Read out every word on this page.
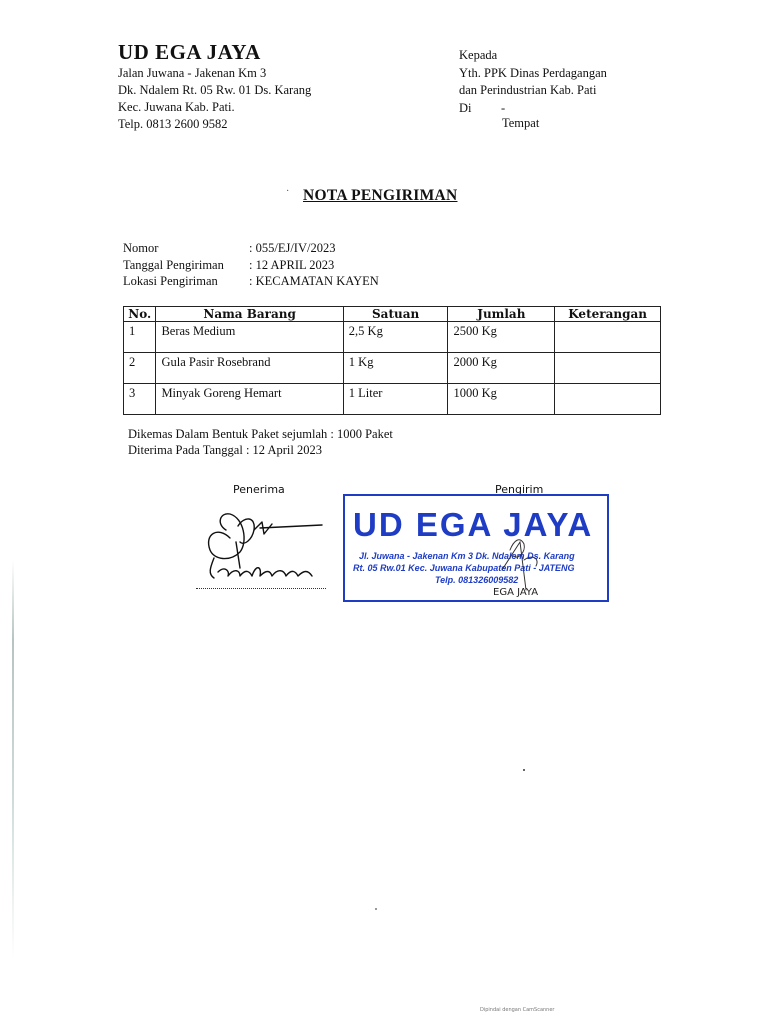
UD EGA JAYA
Jalan Juwana - Jakenan Km 3
Dk. Ndalem Rt. 05 Rw. 01 Ds. Karang
Kec. Juwana Kab. Pati.
Telp. 0813 2600 9582
Kepada
Yth. PPK Dinas Perdagangan
dan Perindustrian Kab. Pati
Di -
Tempat
· NOTA PENGIRIMAN
Nomor	: 055/EJ/IV/2023
Tanggal Pengiriman : 12 APRIL 2023
Lokasi Pengiriman : KECAMATAN KAYEN
No.	Nama Barang	Satuan	Jumlah	Keterangan
1	Beras Medium	2,5 Kg	2500 Kg	
2	Gula Pasir Rosebrand	1 Kg	2000 Kg	
3	Minyak Goreng Hemart	1 Liter	1000 Kg	
Dikemas Dalam Bentuk Paket sejumlah : 1000 Paket
Diterima Pada Tanggal : 12 April 2023
Penerima	Pengirim
UD EGA JAYA
Jl. Juwana - Jakenan Km 3 Dk. Ndalem Ds. Karang
Rt. 05 Rw.01 Kec. Juwana Kabupaten Pati - JATENG
Telp. 081326009582
EGA JAYA
Dipindai dengan CamScanner
